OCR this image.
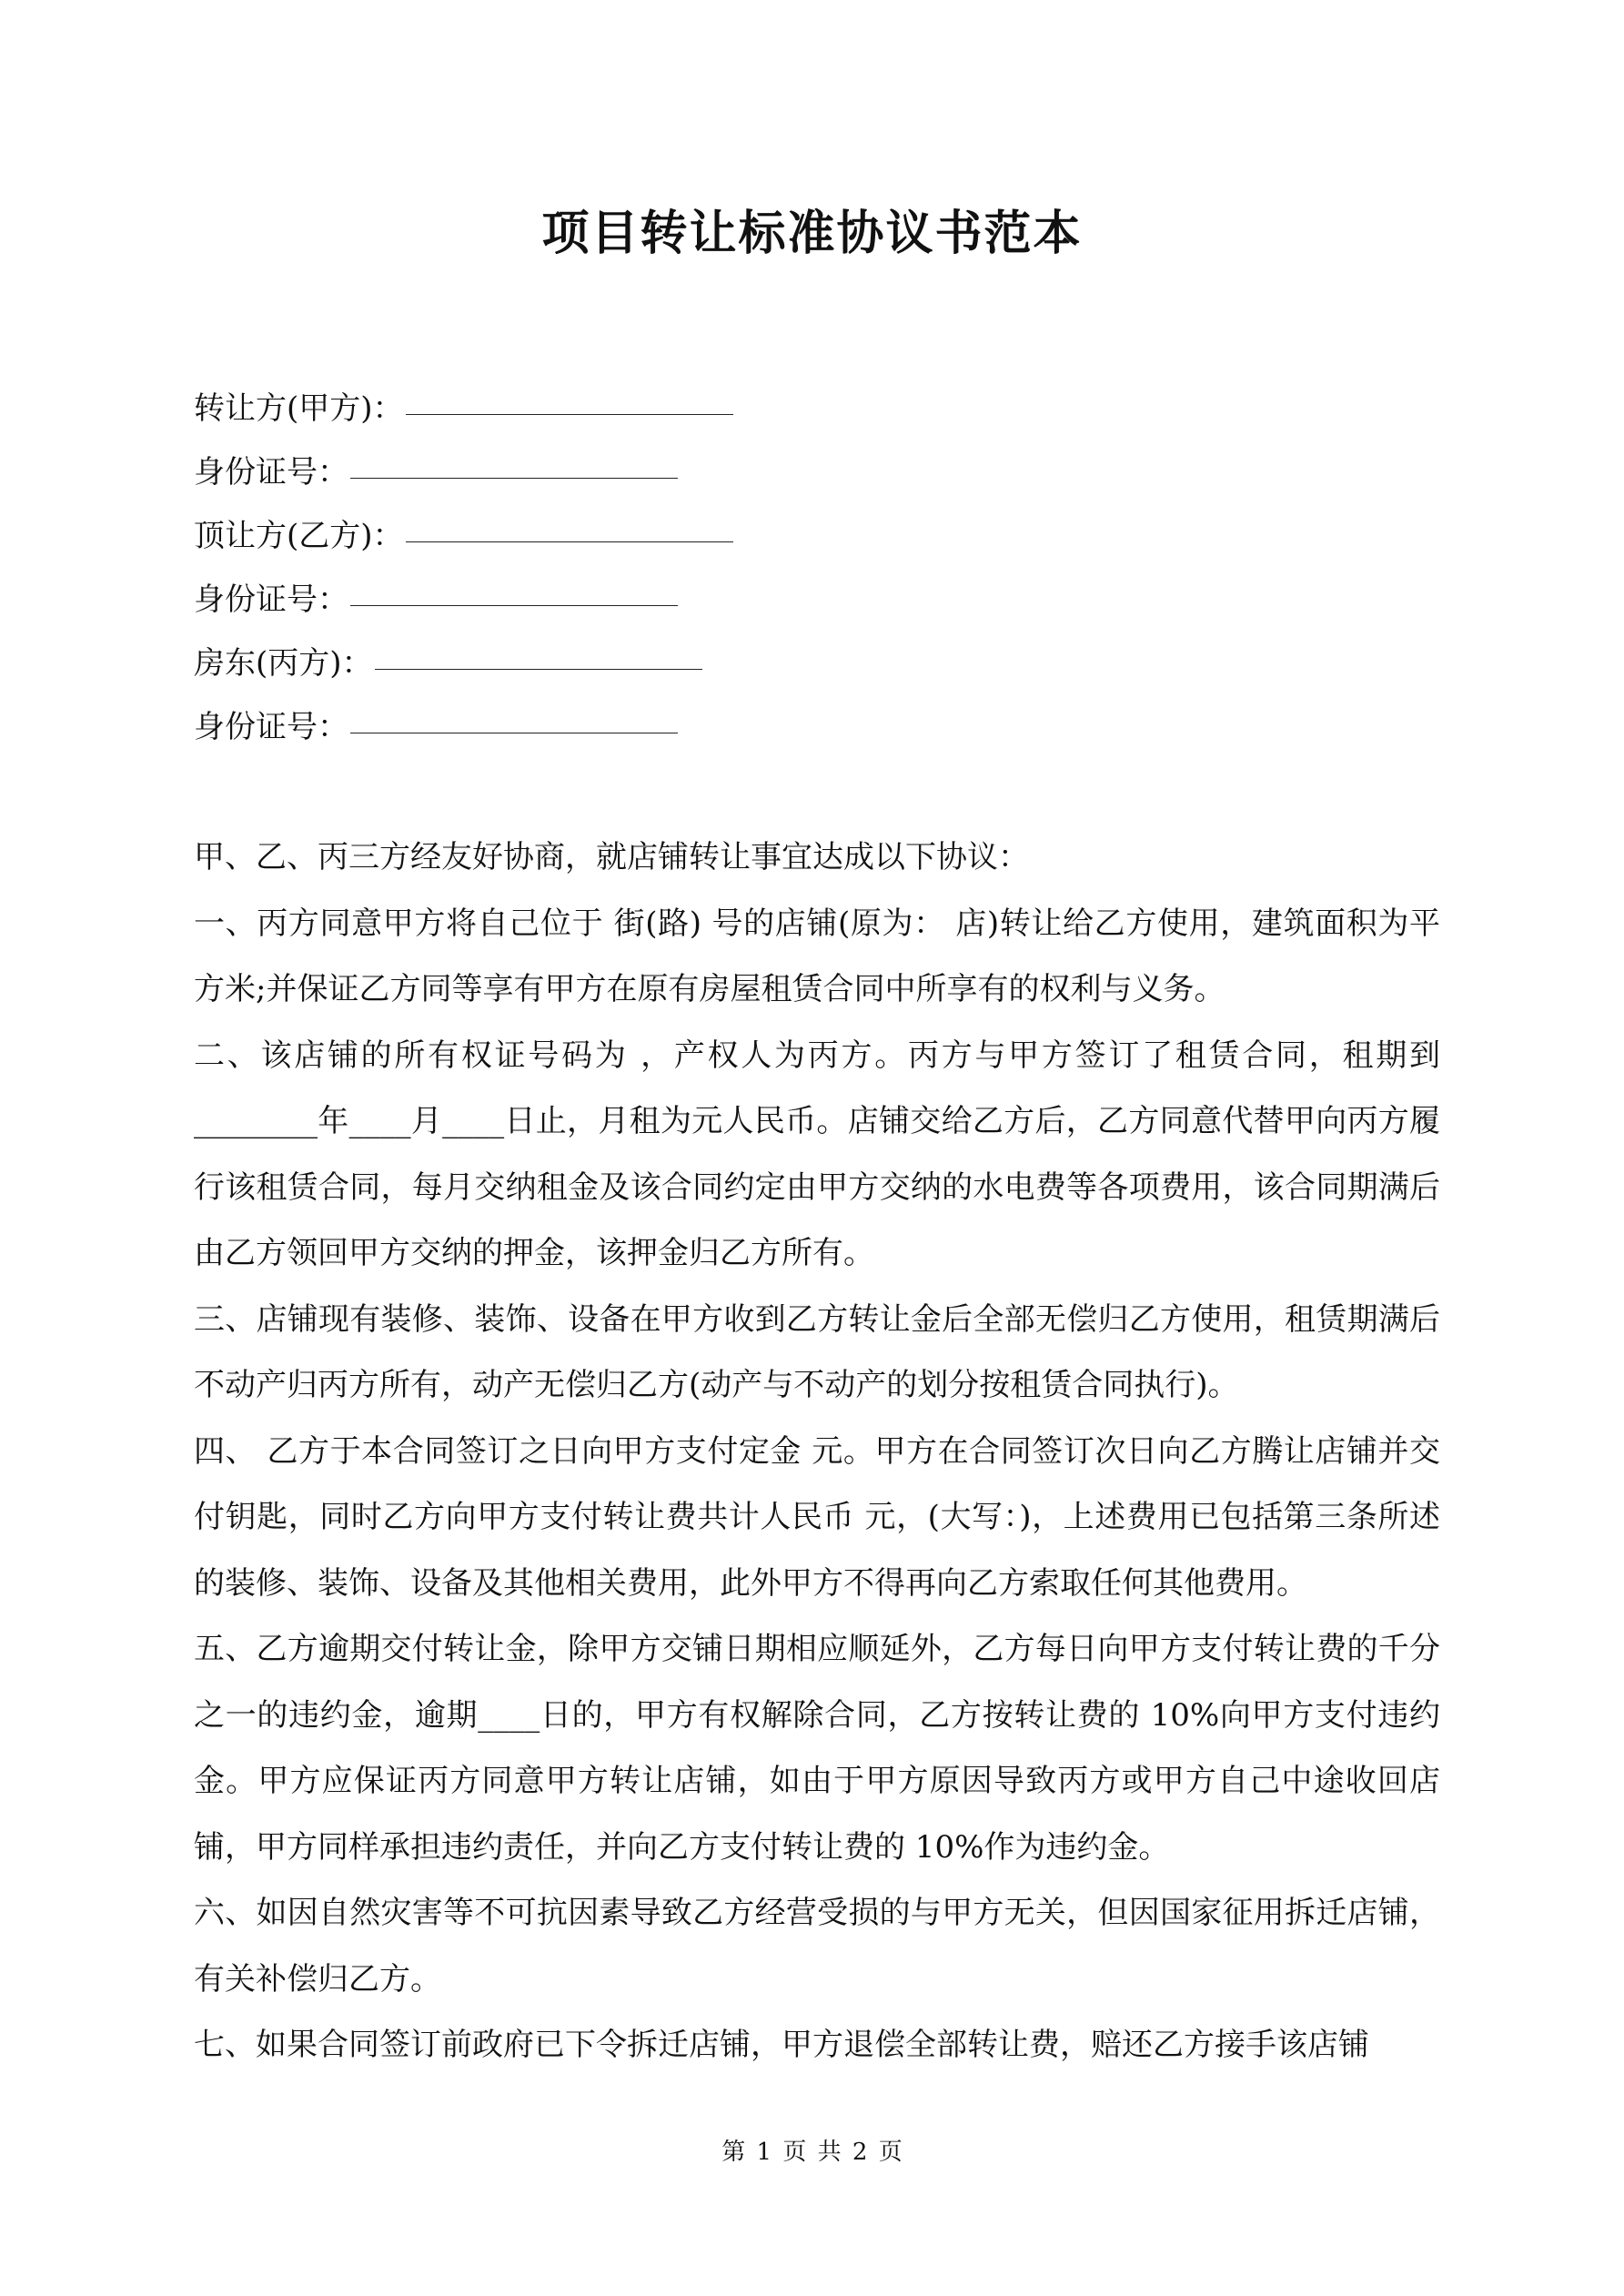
项目转让标准协议书范本
转让方(甲方)：
身份证号：
顶让方(乙方)：
身份证号：
房东(丙方)：
身份证号：

甲、乙、丙三方经友好协商，就店铺转让事宜达成以下协议：

一、丙方同意甲方将自己位于 街(路) 号的店铺(原为： 店)转让给乙方使用，建筑面积为平方米;并保证乙方同等享有甲方在原有房屋租赁合同中所享有的权利与义务。

二、该店铺的所有权证号码为 ，产权人为丙方。丙方与甲方签订了租赁合同，租期到________年____月____日止，月租为元人民币。店铺交给乙方后，乙方同意代替甲向丙方履行该租赁合同，每月交纳租金及该合同约定由甲方交纳的水电费等各项费用，该合同期满后由乙方领回甲方交纳的押金，该押金归乙方所有。

三、店铺现有装修、装饰、设备在甲方收到乙方转让金后全部无偿归乙方使用，租赁期满后不动产归丙方所有，动产无偿归乙方(动产与不动产的划分按租赁合同执行)。

四、 乙方于本合同签订之日向甲方支付定金 元。甲方在合同签订次日向乙方腾让店铺并交付钥匙，同时乙方向甲方支付转让费共计人民币 元，(大写：)，上述费用已包括第三条所述的装修、装饰、设备及其他相关费用，此外甲方不得再向乙方索取任何其他费用。

五、乙方逾期交付转让金，除甲方交铺日期相应顺延外，乙方每日向甲方支付转让费的千分之一的违约金，逾期____日的，甲方有权解除合同，乙方按转让费的 10%向甲方支付违约金。甲方应保证丙方同意甲方转让店铺，如由于甲方原因导致丙方或甲方自己中途收回店铺，甲方同样承担违约责任，并向乙方支付转让费的 10%作为违约金。

六、如因自然灾害等不可抗因素导致乙方经营受损的与甲方无关，但因国家征用拆迁店铺，有关补偿归乙方。

七、如果合同签订前政府已下令拆迁店铺，甲方退偿全部转让费，赔还乙方接手该店铺

第 1 页 共 2 页
